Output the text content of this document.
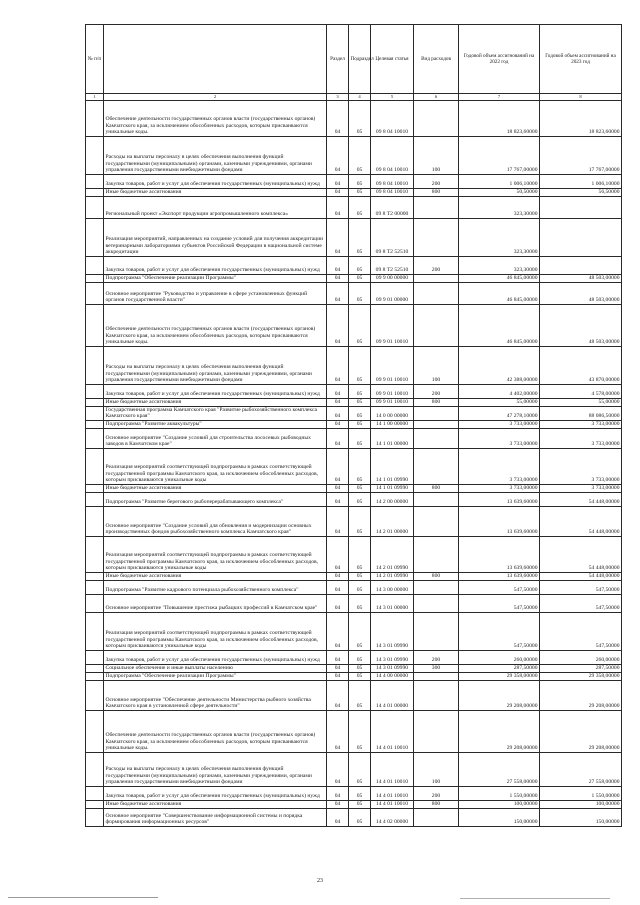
№ п/п		Раздел	Подраздел	Целевая статья	Вид расходов	Годовой объем ассигнований на 2022 год	Годовой объем ассигнований на 2023 год
1	2	3	4	5	6	7	8
	Обеспечение деятельности государственных органов власти (государственных органов) Камчатского края, за исключением обособленных расходов, которым присваиваются уникальные коды.	04	05	09 8 04 10010		18 823,60000	18 823,60000
	Расходы на выплаты персоналу в целях обеспечения выполнения функций государственными (муниципальными) органами, казенными учреждениями, органами управления государственными внебюджетными фондами	04	05	09 8 04 10010	100	17 767,00000	17 767,00000
	Закупка товаров, работ и услуг для обеспечения государственных (муниципальных) нужд	04	05	09 8 04 10010	200	1 006,10000	1 006,10000
	Иные бюджетные ассигнования	04	05	09 8 04 10010	800	50,50000	56,50000
	Региональный проект «Экспорт продукции агропромышленного комплекса»	04	05	09 8 T2 00000		323,30000	
	Реализация мероприятий, направленных на создание условий для получения аккредитации ветеринарными лабораториями субъектов Российской Федерации в национальной системе аккредитации	04	05	09 8 T2 52510		323,30000	
	Закупка товаров, работ и услуг для обеспечения государственных (муниципальных) нужд	04	05	09 8 T2 52510	200	323,30000	
	Подпрограмма "Обеспечение реализации Программы"	04	05	09 9 00 00000		46 845,00000	48 503,00000
	Основное мероприятие "Руководство и управление в сфере установленных функций органов государственной власти"	04	05	09 9 01 00000		46 845,00000	48 503,00000
	Обеспечение деятельности государственных органов власти (государственных органов) Камчатского края, за исключением обособленных расходов, которым присваиваются уникальные коды.	04	05	09 9 01 10010		46 845,00000	48 503,00000
	Расходы на выплаты персоналу в целях обеспечения выполнения функций государственными (муниципальными) органами, казенными учреждениями, органами управления государственными внебюджетными фондами	04	05	09 9 01 10010	100	42 388,00000	43 870,00000
	Закупка товаров, работ и услуг для обеспечения государственных (муниципальных) нужд	04	05	09 9 01 10010	200	4 402,00000	4 578,00000
	Иные бюджетные ассигнования	04	05	09 9 01 10010	800	55,00000	55,00000
	Государственная программа Камчатского края "Развитие рыбохозяйственного комплекса Камчатского края"	04	05	14 0 00 00000		47 278,10000	88 086,50000
	Подпрограмма "Развитие аквакультуры"	04	05	14 1 00 00000		3 733,00000	3 733,00000
	Основное мероприятие "Создание условий для строительства лососевых рыбоводных заводов в Камчатском крае"	04	05	14 1 01 00000		3 733,00000	3 733,00000
	Реализация мероприятий соответствующей подпрограммы в рамках соответствующей государственной программы Камчатского края, за исключением обособленных расходов, которым присваиваются уникальные коды	04	05	14 1 01 09990		3 733,00000	3 733,00000
	Иные бюджетные ассигнования	04	05	14 1 01 09990	800	3 733,00000	3 733,00000
	Подпрограмма "Развитие берегового рыбоперерабатывающего комплекса"	04	05	14 2 00 00000		13 639,60000	54 448,00000
	Основное мероприятие "Создание условий для обновления и модернизации основных производственных фондов рыбохозяйственного комплекса Камчатского края"	04	05	14 2 01 00000		13 639,60000	54 448,00000
	Реализация мероприятий соответствующей подпрограммы в рамках соответствующей государственной программы Камчатского края, за исключением обособленных расходов, которым присваиваются уникальные коды	04	05	14 2 01 09990		13 639,60000	54 448,00000
	Иные бюджетные ассигнования	04	05	14 2 01 09990	800	13 639,60000	54 448,00000
	Подпрограмма "Развитие кадрового потенциала рыбохозяйственного комплекса"	04	05	14 3 00 00000		547,50000	547,50000
	Основное мероприятие "Повышение престижа рыбацких профессий в Камчатском крае"	04	05	14 3 01 00000		547,50000	547,50000
	Реализация мероприятий соответствующей подпрограммы в рамках соответствующей государственной программы Камчатского края, за исключением обособленных расходов, которым присваиваются уникальные коды	04	05	14 3 01 09990		547,50000	547,50000
	Закупка товаров, работ и услуг для обеспечения государственных (муниципальных) нужд	04	05	14 3 01 09990	200	260,00000	260,00000
	Социальное обеспечение и иные выплаты населению	04	05	14 3 01 09990	300	287,50000	287,50000
	Подпрограмма "Обеспечение реализации Программы"	04	05	14 4 00 00000		29 358,00000	29 358,00000
	Основное мероприятие "Обеспечение деятельности Министерства рыбного хозяйства Камчатского края в установленной сфере деятельности"	04	05	14 4 01 00000		29 208,00000	29 208,00000
	Обеспечение деятельности государственных органов власти (государственных органов) Камчатского края, за исключением обособленных расходов, которым присваиваются уникальные коды.	04	05	14 4 01 10010		29 208,00000	29 208,00000
	Расходы на выплаты персоналу в целях обеспечения выполнения функций государственными (муниципальными) органами, казенными учреждениями, органами управления государственными внебюджетными фондами	04	05	14 4 01 10010	100	27 558,00000	27 558,00000
	Закупка товаров, работ и услуг для обеспечения государственных (муниципальных) нужд	04	05	14 4 01 10010	200	1 550,00000	1 550,00000
	Иные бюджетные ассигнования	04	05	14 4 01 10010	800	100,00000	100,00000
	Основное мероприятие "Совершенствование информационной системы и порядка формирования информационных ресурсов"	04	05	14 4 02 00000		150,00000	150,00000
23
